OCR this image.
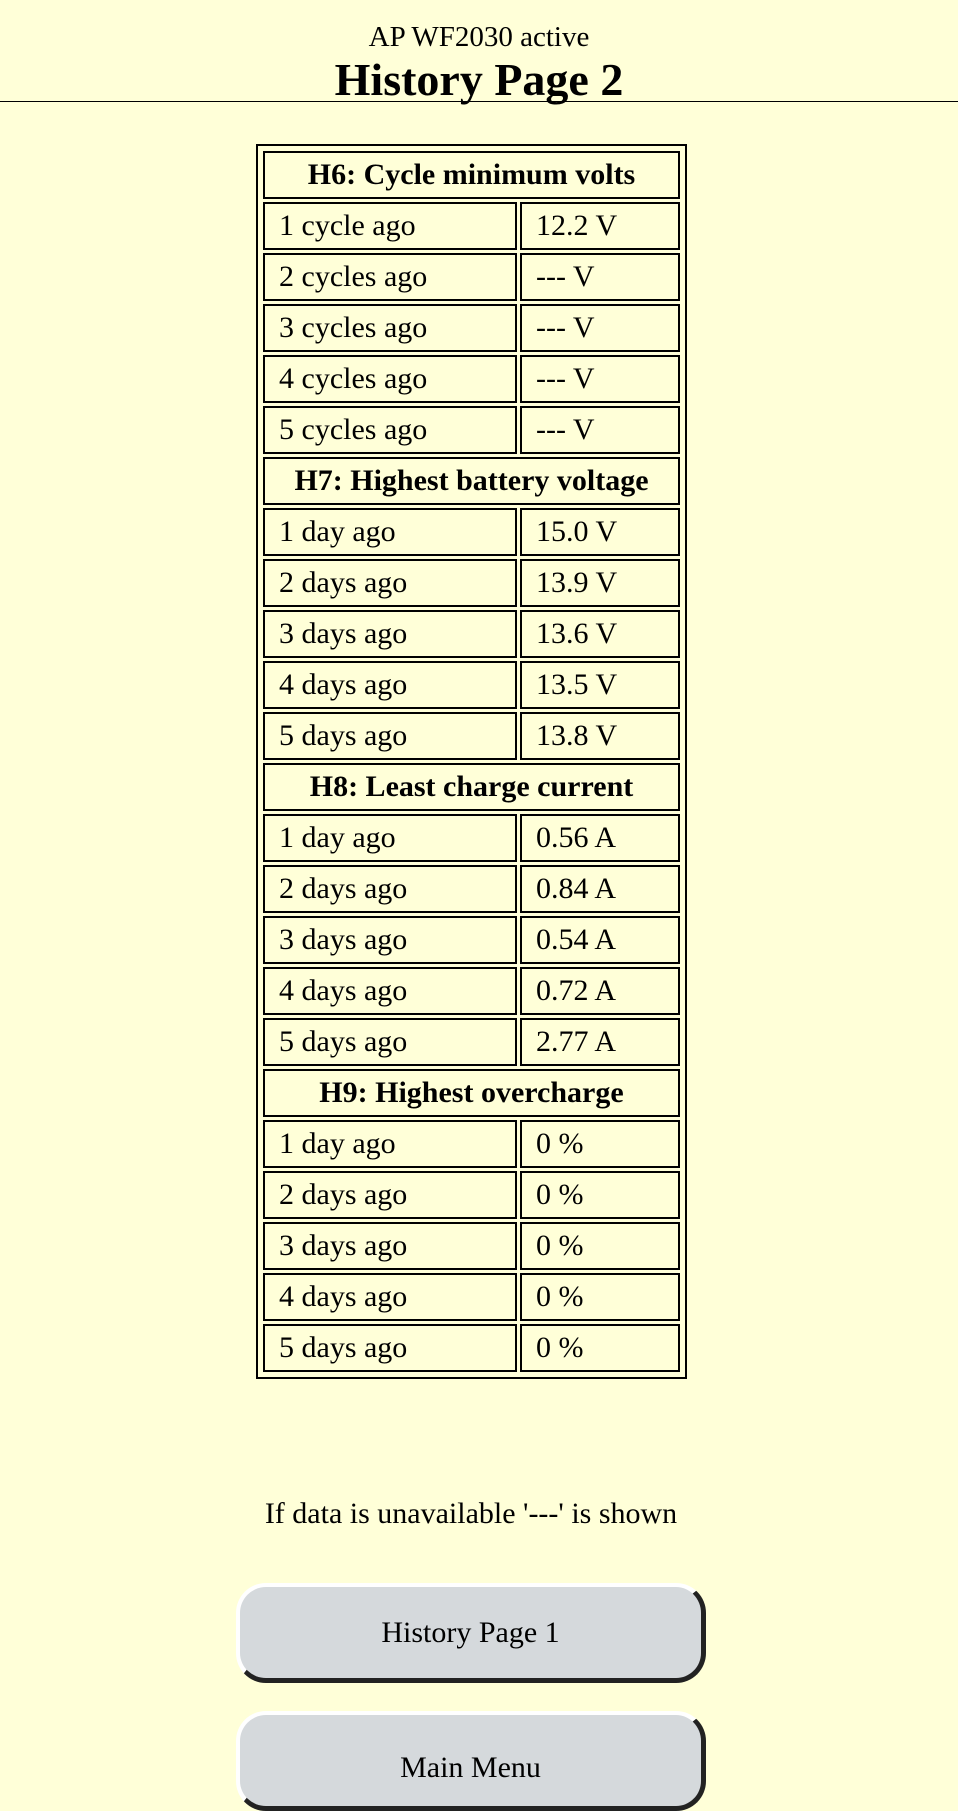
AP WF2030 active
History Page 2
H6: Cycle minimum volts	
1 cycle ago	12.2 V
2 cycles ago	--- V
3 cycles ago	--- V
4 cycles ago	--- V
5 cycles ago	--- V
H7: Highest battery voltage	
1 day ago	15.0 V
2 days ago	13.9 V
3 days ago	13.6 V
4 days ago	13.5 V
5 days ago	13.8 V
H8: Least charge current	
1 day ago	0.56 A
2 days ago	0.84 A
3 days ago	0.54 A
4 days ago	0.72 A
5 days ago	2.77 A
H9: Highest overcharge	
1 day ago	0 %
2 days ago	0 %
3 days ago	0 %
4 days ago	0 %
5 days ago	0 %
If data is unavailable '---' is shown
History Page 1
Main Menu
